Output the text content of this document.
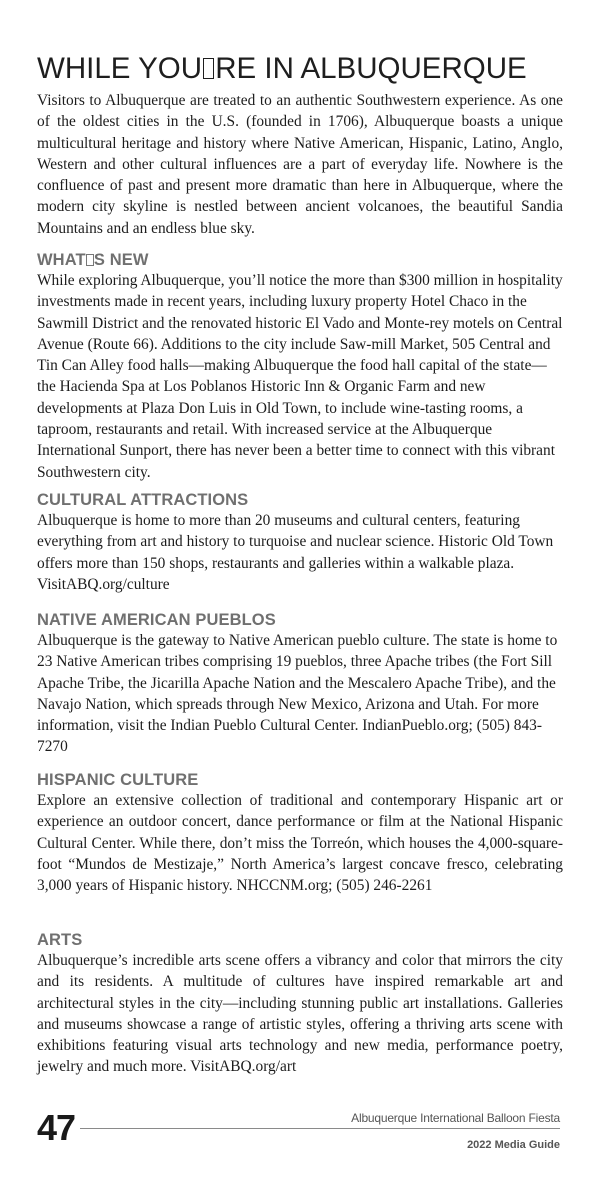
WHILE YOU RE IN ALBUQUERQUE

Visitors to Albuquerque are treated to an authentic Southwestern experience. As one of the oldest cities in the U.S. (founded in 1706), Albuquerque boasts a unique multicultural heritage and history where Native American, Hispanic, Latino, Anglo, Western and other cultural influences are a part of everyday life. Nowhere is the confluence of past and present more dramatic than here in Albuquerque, where the modern city skyline is nestled between ancient volcanoes, the beautiful Sandia Mountains and an endless blue sky.

WHAT S NEW

While exploring Albuquerque, you’ll notice the more than $300 million in hospitality investments made in recent years, including luxury property Hotel Chaco in the Sawmill District and the renovated historic El Vado and Monte-rey motels on Central Avenue (Route 66). Additions to the city include Saw-mill Market, 505 Central and Tin Can Alley food halls—making Albuquerque the food hall capital of the state—the Hacienda Spa at Los Poblanos Historic Inn & Organic Farm and new developments at Plaza Don Luis in Old Town, to include wine-tasting rooms, a taproom, restaurants and retail. With increased service at the Albuquerque International Sunport, there has never been a better time to connect with this vibrant Southwestern city.

CULTURAL ATTRACTIONS

Albuquerque is home to more than 20 museums and cultural centers, featuring everything from art and history to turquoise and nuclear science. Historic Old Town offers more than 150 shops, restaurants and galleries within a walkable plaza. VisitABQ.org/culture

NATIVE AMERICAN PUEBLOS

Albuquerque is the gateway to Native American pueblo culture. The state is home to 23 Native American tribes comprising 19 pueblos, three Apache tribes (the Fort Sill Apache Tribe, the Jicarilla Apache Nation and the Mescalero Apache Tribe), and the Navajo Nation, which spreads through New Mexico, Arizona and Utah. For more information, visit the Indian Pueblo Cultural Center. IndianPueblo.org; (505) 843-7270

HISPANIC CULTURE

Explore an extensive collection of traditional and contemporary Hispanic art or experience an outdoor concert, dance performance or film at the National Hispanic Cultural Center. While there, don’t miss the Torreón, which houses the 4,000-square-foot “Mundos de Mestizaje,” North America’s largest concave fresco, celebrating 3,000 years of Hispanic history. NHCCNM.org; (505) 246-2261

ARTS

Albuquerque’s incredible arts scene offers a vibrancy and color that mirrors the city and its residents. A multitude of cultures have inspired remarkable art and architectural styles in the city—including stunning public art installations. Galleries and museums showcase a range of artistic styles, offering a thriving arts scene with exhibitions featuring visual arts technology and new media, performance poetry, jewelry and much more. VisitABQ.org/art

47	Albuquerque International Balloon Fiesta
2022 Media Guide
